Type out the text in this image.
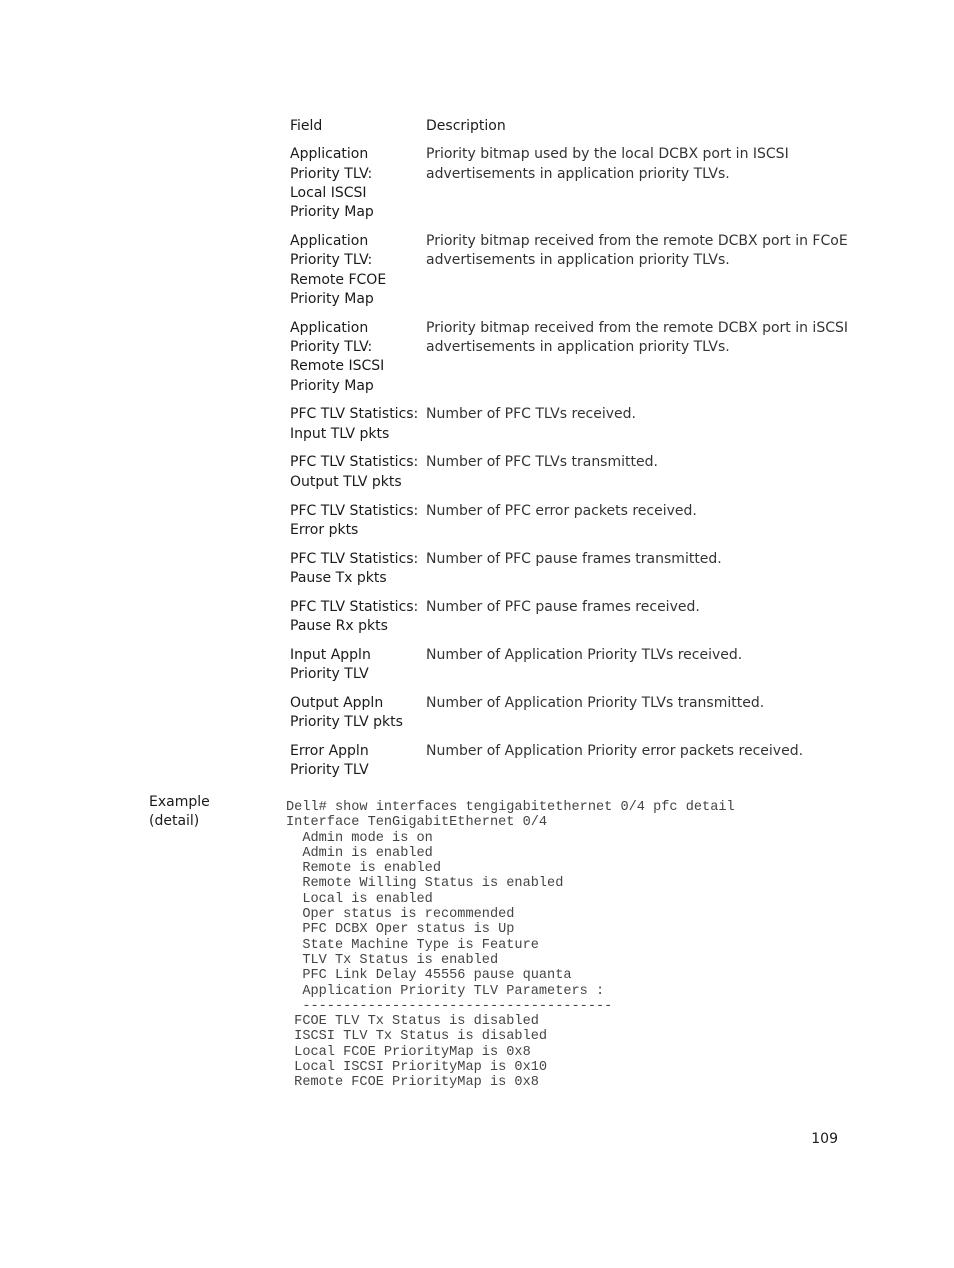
Field	Description
Application Priority TLV: Local ISCSI Priority Map
Priority bitmap used by the local DCBX port in ISCSI advertisements in application priority TLVs.
Application Priority TLV: Remote FCOE Priority Map
Priority bitmap received from the remote DCBX port in FCoE advertisements in application priority TLVs.
Application Priority TLV: Remote ISCSI Priority Map
Priority bitmap received from the remote DCBX port in iSCSI advertisements in application priority TLVs.
PFC TLV Statistics: Input TLV pkts
Number of PFC TLVs received.
PFC TLV Statistics: Output TLV pkts
Number of PFC TLVs transmitted.
PFC TLV Statistics: Error pkts
Number of PFC error packets received.
PFC TLV Statistics: Pause Tx pkts
Number of PFC pause frames transmitted.
PFC TLV Statistics: Pause Rx pkts
Number of PFC pause frames received.
Input Appln Priority TLV
Number of Application Priority TLVs received.
Output Appln Priority TLV pkts
Number of Application Priority TLVs transmitted.
Error Appln Priority TLV
Number of Application Priority error packets received.
Example (detail)
Dell# show interfaces tengigabitethernet 0/4 pfc detail
Interface TenGigabitEthernet 0/4
Admin mode is on
Admin is enabled
Remote is enabled
Remote Willing Status is enabled
Local is enabled
Oper status is recommended
PFC DCBX Oper status is Up
State Machine Type is Feature
TLV Tx Status is enabled
PFC Link Delay 45556 pause quanta
Application Priority TLV Parameters :
--------------------------------------
FCOE TLV Tx Status is disabled
ISCSI TLV Tx Status is disabled
Local FCOE PriorityMap is 0x8
Local ISCSI PriorityMap is 0x10
Remote FCOE PriorityMap is 0x8
109
